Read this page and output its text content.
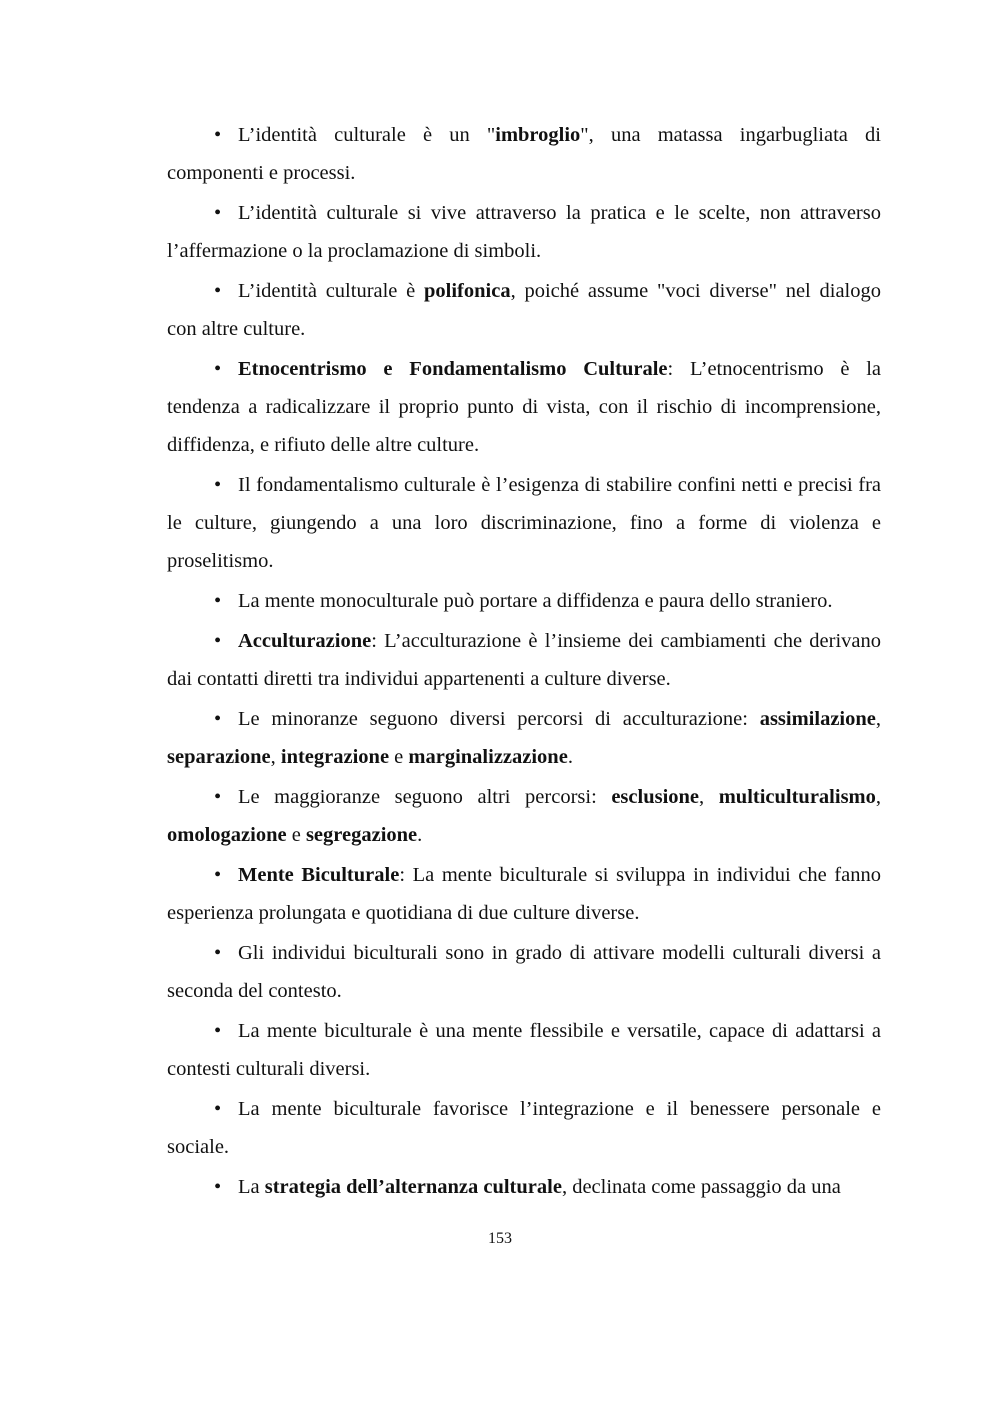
• L’identità culturale è un "imbroglio", una matassa ingarbugliata di componenti e processi.

• L’identità culturale si vive attraverso la pratica e le scelte, non attraverso l’affermazione o la proclamazione di simboli.

• L’identità culturale è polifonica, poiché assume "voci diverse" nel dialogo con altre culture.

• Etnocentrismo e Fondamentalismo Culturale: L’etnocentrismo è la tendenza a radicalizzare il proprio punto di vista, con il rischio di incomprensione, diffidenza, e rifiuto delle altre culture.

• Il fondamentalismo culturale è l’esigenza di stabilire confini netti e precisi fra le culture, giungendo a una loro discriminazione, fino a forme di violenza e proselitismo.

• La mente monoculturale può portare a diffidenza e paura dello straniero.

• Acculturazione: L’acculturazione è l’insieme dei cambiamenti che derivano dai contatti diretti tra individui appartenenti a culture diverse.

• Le minoranze seguono diversi percorsi di acculturazione: assimilazione, separazione, integrazione e marginalizzazione.

• Le maggioranze seguono altri percorsi: esclusione, multiculturalismo, omologazione e segregazione.

• Mente Biculturale: La mente biculturale si sviluppa in individui che fanno esperienza prolungata e quotidiana di due culture diverse.

• Gli individui biculturali sono in grado di attivare modelli culturali diversi a seconda del contesto.

• La mente biculturale è una mente flessibile e versatile, capace di adattarsi a contesti culturali diversi.

• La mente biculturale favorisce l’integrazione e il benessere personale e sociale.

• La strategia dell’alternanza culturale, declinata come passaggio da una

153
